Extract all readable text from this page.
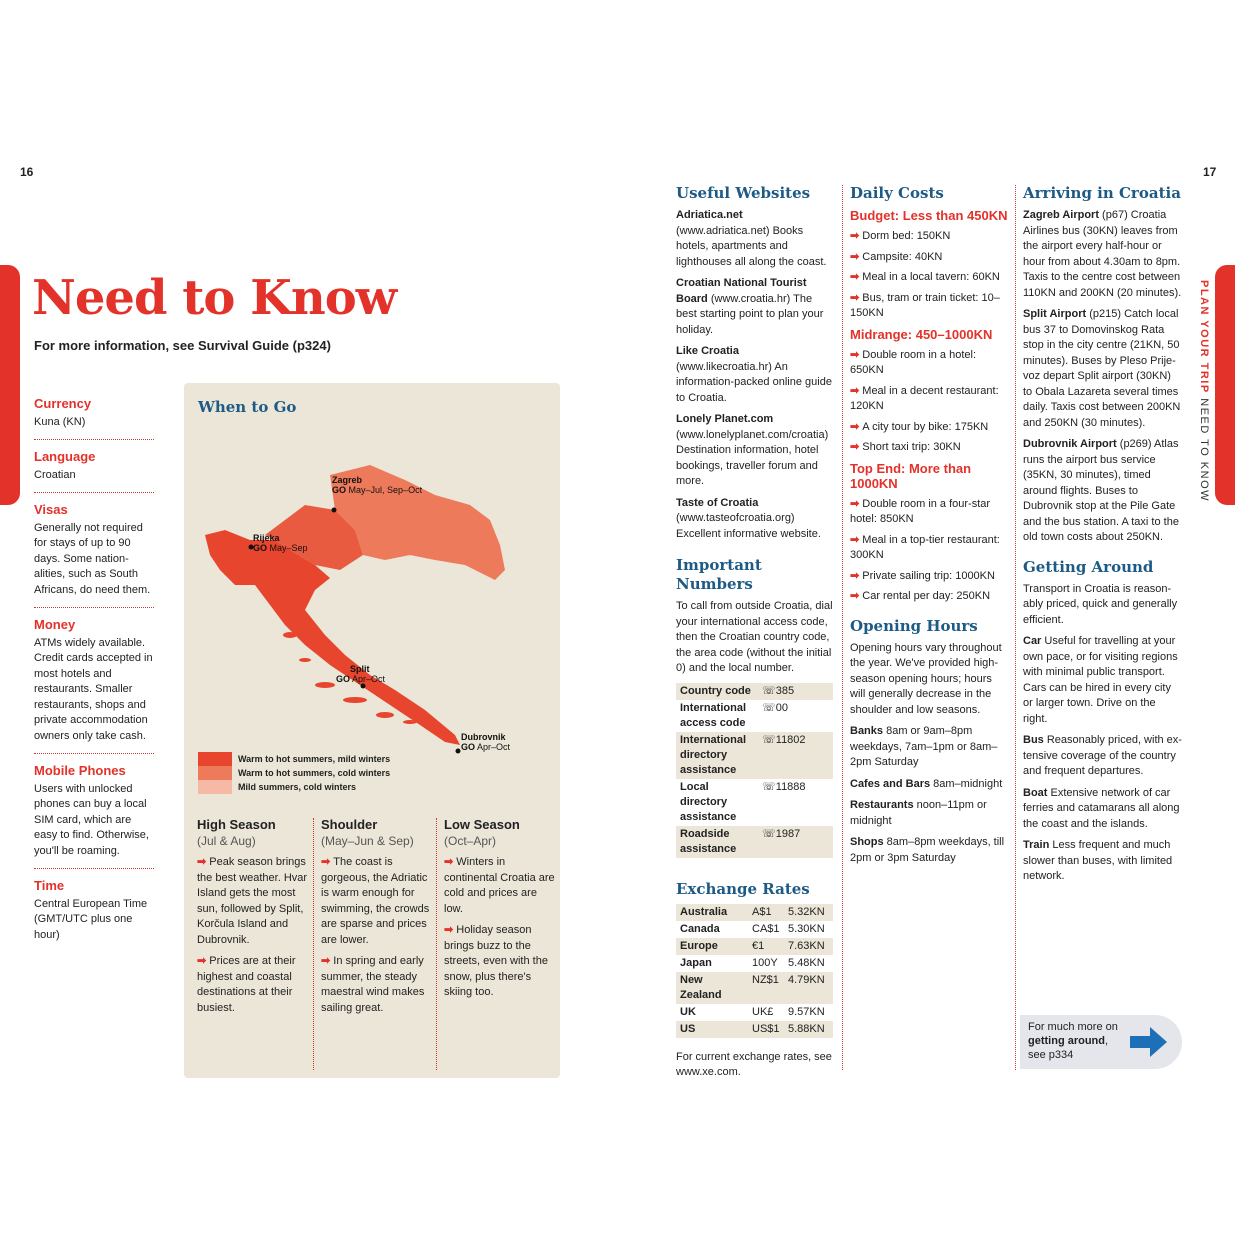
16	17
PLAN YOUR TRIP NEED TO KNOW
Need to Know
For more information, see Survival Guide (p324)
Currency
Kuna (KN)
Language
Croatian
Visas
Generally not required for stays of up to 90 days. Some nation-alities, such as South Africans, do need them.
Money
ATMs widely available. Credit cards accepted in most hotels and restaurants. Smaller restaurants, shops and private accommodation owners only take cash.
Mobile Phones
Users with unlocked phones can buy a local SIM card, which are easy to find. Otherwise, you'll be roaming.
Time
Central European Time (GMT/UTC plus one hour)
When to Go
Zagreb
GO May–Jul, Sep–Oct
Rijeka
GO May–Sep
Split
GO Apr–Oct
Dubrovnik
GO Apr–Oct
Warm to hot summers, mild winters
Warm to hot summers, cold winters
Mild summers, cold winters
High Season
(Jul & Aug)

➡ Peak season brings the best weather. Hvar Island gets the most sun, followed by Split, Korčula Island and Dubrovnik.

➡ Prices are at their highest and coastal destinations at their busiest.

Shoulder
(May–Jun & Sep)

➡ The coast is gorgeous, the Adriatic is warm enough for swimming, the crowds are sparse and prices are lower.

➡ In spring and early summer, the steady maestral wind makes sailing great.

Low Season
(Oct–Apr)

➡ Winters in continental Croatia are cold and prices are low.

➡ Holiday season brings buzz to the streets, even with the snow, plus there's skiing too.

Useful Websites

Adriatica.net (www.adriatica.net) Books hotels, apartments and lighthouses all along the coast.

Croatian National Tourist Board (www.croatia.hr) The best starting point to plan your holiday.

Like Croatia (www.likecroatia.hr) An information-packed online guide to Croatia.

Lonely Planet.com (www.lonelyplanet.com/croatia) Destination information, hotel bookings, traveller forum and more.

Taste of Croatia (www.tasteofcroatia.org) Excellent informative website.

Important Numbers

To call from outside Croatia, dial your international access code, then the Croatian country code, the area code (without the initial 0) and the local number.

Country code	☏385
International access code	☏00
International directory assistance	☏11802
Local directory assistance	☏11888
Roadside assistance	☏1987
Exchange Rates
Australia	A$1	5.32KN
Canada	CA$1	5.30KN
Europe	€1	7.63KN
Japan	100Y	5.48KN
New Zealand	NZ$1	4.79KN
UK	UK£	9.57KN
US	US$1	5.88KN

For current exchange rates, see www.xe.com.

Daily Costs
Budget: Less than 450KN
➡ Dorm bed: 150KN
➡ Campsite: 40KN
➡ Meal in a local tavern: 60KN
➡ Bus, tram or train ticket: 10–150KN
Midrange: 450–1000KN
➡ Double room in a hotel: 650KN
➡ Meal in a decent restaurant: 120KN
➡ A city tour by bike: 175KN
➡ Short taxi trip: 30KN
Top End: More than 1000KN
➡ Double room in a four-star hotel: 850KN
➡ Meal in a top-tier restaurant: 300KN
➡ Private sailing trip: 1000KN
➡ Car rental per day: 250KN
Opening Hours

Opening hours vary throughout the year. We've provided high-season opening hours; hours will generally decrease in the shoulder and low seasons.

Banks 8am or 9am–8pm weekdays, 7am–1pm or 8am–2pm Saturday

Cafes and Bars 8am–midnight

Restaurants noon–11pm or midnight

Shops 8am–8pm weekdays, till 2pm or 3pm Saturday

Arriving in Croatia

Zagreb Airport (p67) Croatia Airlines bus (30KN) leaves from the airport every half-hour or hour from about 4.30am to 8pm. Taxis to the centre cost between 110KN and 200KN (20 minutes).

Split Airport (p215) Catch local bus 37 to Domovinskog Rata stop in the city centre (21KN, 50 minutes). Buses by Pleso Prije-voz depart Split airport (30KN) to Obala Lazareta several times daily. Taxis cost between 200KN and 250KN (30 minutes).

Dubrovnik Airport (p269) Atlas runs the airport bus service (35KN, 30 minutes), timed around flights. Buses to Dubrovnik stop at the Pile Gate and the bus station. A taxi to the old town costs about 250KN.

Getting Around

Transport in Croatia is reason-ably priced, quick and generally efficient.

Car Useful for travelling at your own pace, or for visiting regions with minimal public transport. Cars can be hired in every city or larger town. Drive on the right.

Bus Reasonably priced, with ex-tensive coverage of the country and frequent departures.

Boat Extensive network of car ferries and catamarans all along the coast and the islands.

Train Less frequent and much slower than buses, with limited network.

For much more on
getting around,
see p334
